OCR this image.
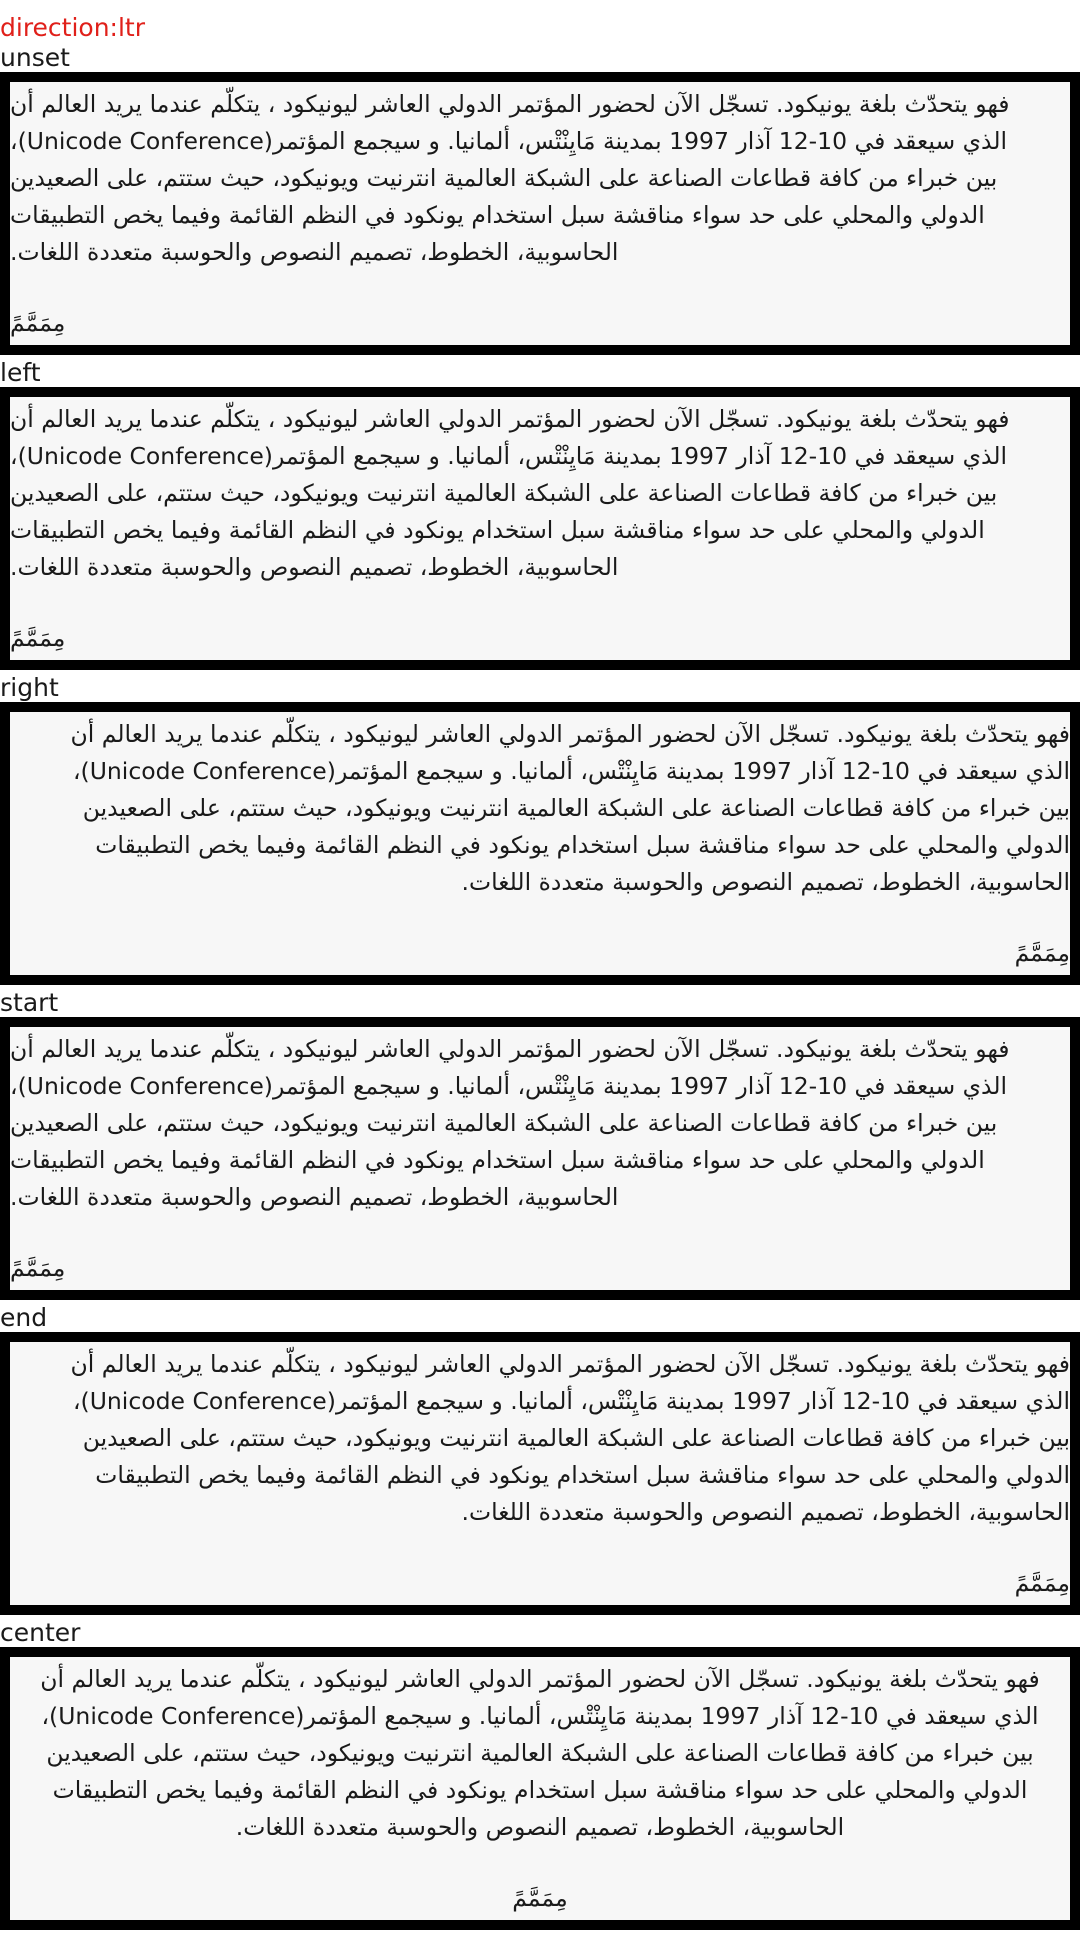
direction:ltr
unset
فهو يتحدّث بلغة يونيكود. تسجّل الآن لحضور المؤتمر الدولي العاشر ليونيكود ، يتكلّم عندما يريد العالم أن
،(Unicode Conference)الذي سيعقد في 10-12 آذار 1997 بمدينة مَايِنْتْس، ألمانيا. و سيجمع المؤتمر
بين خبراء من كافة قطاعات الصناعة على الشبكة العالمية انترنيت ويونيكود، حيث ستتم، على الصعيدين
الدولي والمحلي على حد سواء مناقشة سبل استخدام يونكود في النظم القائمة وفيما يخص التطبيقات
الحاسوبية، الخطوط، تصميم النصوص والحوسبة متعددة اللغات.
مِمَمَّمً
left
فهو يتحدّث بلغة يونيكود. تسجّل الآن لحضور المؤتمر الدولي العاشر ليونيكود ، يتكلّم عندما يريد العالم أن
،(Unicode Conference)الذي سيعقد في 10-12 آذار 1997 بمدينة مَايِنْتْس، ألمانيا. و سيجمع المؤتمر
بين خبراء من كافة قطاعات الصناعة على الشبكة العالمية انترنيت ويونيكود، حيث ستتم، على الصعيدين
الدولي والمحلي على حد سواء مناقشة سبل استخدام يونكود في النظم القائمة وفيما يخص التطبيقات
الحاسوبية، الخطوط، تصميم النصوص والحوسبة متعددة اللغات.
مِمَمَّمً
right
فهو يتحدّث بلغة يونيكود. تسجّل الآن لحضور المؤتمر الدولي العاشر ليونيكود ، يتكلّم عندما يريد العالم أن
،(Unicode Conference)الذي سيعقد في 10-12 آذار 1997 بمدينة مَايِنْتْس، ألمانيا. و سيجمع المؤتمر
بين خبراء من كافة قطاعات الصناعة على الشبكة العالمية انترنيت ويونيكود، حيث ستتم، على الصعيدين
الدولي والمحلي على حد سواء مناقشة سبل استخدام يونكود في النظم القائمة وفيما يخص التطبيقات
الحاسوبية، الخطوط، تصميم النصوص والحوسبة متعددة اللغات.
مِمَمَّمً
start
فهو يتحدّث بلغة يونيكود. تسجّل الآن لحضور المؤتمر الدولي العاشر ليونيكود ، يتكلّم عندما يريد العالم أن
،(Unicode Conference)الذي سيعقد في 10-12 آذار 1997 بمدينة مَايِنْتْس، ألمانيا. و سيجمع المؤتمر
بين خبراء من كافة قطاعات الصناعة على الشبكة العالمية انترنيت ويونيكود، حيث ستتم، على الصعيدين
الدولي والمحلي على حد سواء مناقشة سبل استخدام يونكود في النظم القائمة وفيما يخص التطبيقات
الحاسوبية، الخطوط، تصميم النصوص والحوسبة متعددة اللغات.
مِمَمَّمً
end
فهو يتحدّث بلغة يونيكود. تسجّل الآن لحضور المؤتمر الدولي العاشر ليونيكود ، يتكلّم عندما يريد العالم أن
،(Unicode Conference)الذي سيعقد في 10-12 آذار 1997 بمدينة مَايِنْتْس، ألمانيا. و سيجمع المؤتمر
بين خبراء من كافة قطاعات الصناعة على الشبكة العالمية انترنيت ويونيكود، حيث ستتم، على الصعيدين
الدولي والمحلي على حد سواء مناقشة سبل استخدام يونكود في النظم القائمة وفيما يخص التطبيقات
الحاسوبية، الخطوط، تصميم النصوص والحوسبة متعددة اللغات.
مِمَمَّمً
center
فهو يتحدّث بلغة يونيكود. تسجّل الآن لحضور المؤتمر الدولي العاشر ليونيكود ، يتكلّم عندما يريد العالم أن
،(Unicode Conference)الذي سيعقد في 10-12 آذار 1997 بمدينة مَايِنْتْس، ألمانيا. و سيجمع المؤتمر
بين خبراء من كافة قطاعات الصناعة على الشبكة العالمية انترنيت ويونيكود، حيث ستتم، على الصعيدين
الدولي والمحلي على حد سواء مناقشة سبل استخدام يونكود في النظم القائمة وفيما يخص التطبيقات
الحاسوبية، الخطوط، تصميم النصوص والحوسبة متعددة اللغات.
مِمَمَّمً
